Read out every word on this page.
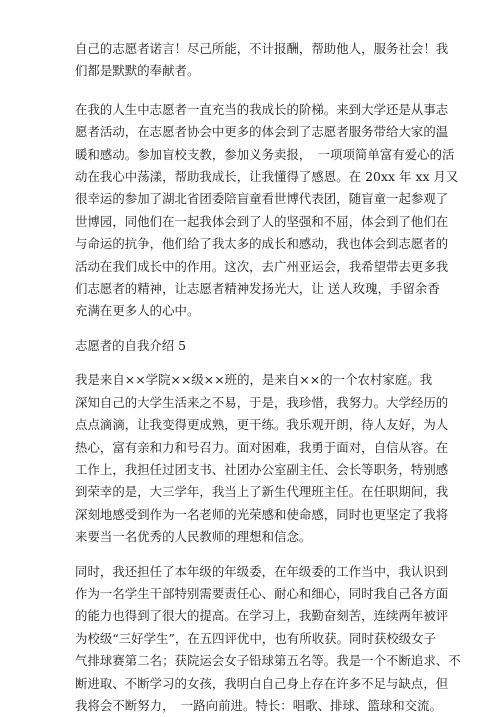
自己的志愿者诺言！尽己所能，不计报酬，帮助他人，服务社会！我
们都是默默的奉献者。

在我的人生中志愿者一直充当的我成长的阶梯。来到大学还是从事志
愿者活动，在志愿者协会中更多的体会到了志愿者服务带给大家的温
暖和感动。参加盲校支教，参加义务卖报，　一项项简单富有爱心的活
动在我心中荡漾，帮助我成长，让我懂得了感恩。在 20xx 年 xx 月又
很幸运的参加了湖北省团委陪盲童看世博代表团，随盲童一起参观了
世博园，同他们在一起我体会到了人的坚强和不屈，体会到了他们在
与命运的抗争，他们给了我太多的成长和感动，我也体会到志愿者的
活动在我们成长中的作用。这次，去广州亚运会，我希望带去更多我
们志愿者的精神，让志愿者精神发扬光大，让 送人玫瑰，手留余香
充满在更多人的心中。

志愿者的自我介绍 5

我是来自××学院××级××班的，是来自××的一个农村家庭。我
深知自己的大学生活来之不易，于是，我珍惜，我努力。大学经历的
点点滴滴，让我变得更成熟，更干练。我乐观开朗，待人友好，为人
热心，富有亲和力和号召力。面对困难，我勇于面对，自信从容。在
工作上，我担任过团支书、社团办公室副主任、会长等职务，特别感
到荣幸的是，大三学年，我当上了新生代理班主任。在任职期间，我
深刻地感受到作为一名老师的光荣感和使命感，同时也更坚定了我将
来要当一名优秀的人民教师的理想和信念。

同时，我还担任了本年级的年级委，在年级委的工作当中，我认识到
作为一名学生干部特别需要责任心、耐心和细心，同时我自己各方面
的能力也得到了很大的提高。在学习上，我勤奋刻苦，连续两年被评
为校级“三好学生”，在五四评优中，也有所收获。同时获校级女子
气排球赛第二名；获院运会女子铅球第五名等。我是一个不断追求、不
断进取、不断学习的女孩，我明白自己身上存在许多不足与缺点，但
我将会不断努力，　一路向前进。特长：唱歌、排球、篮球和交流。
